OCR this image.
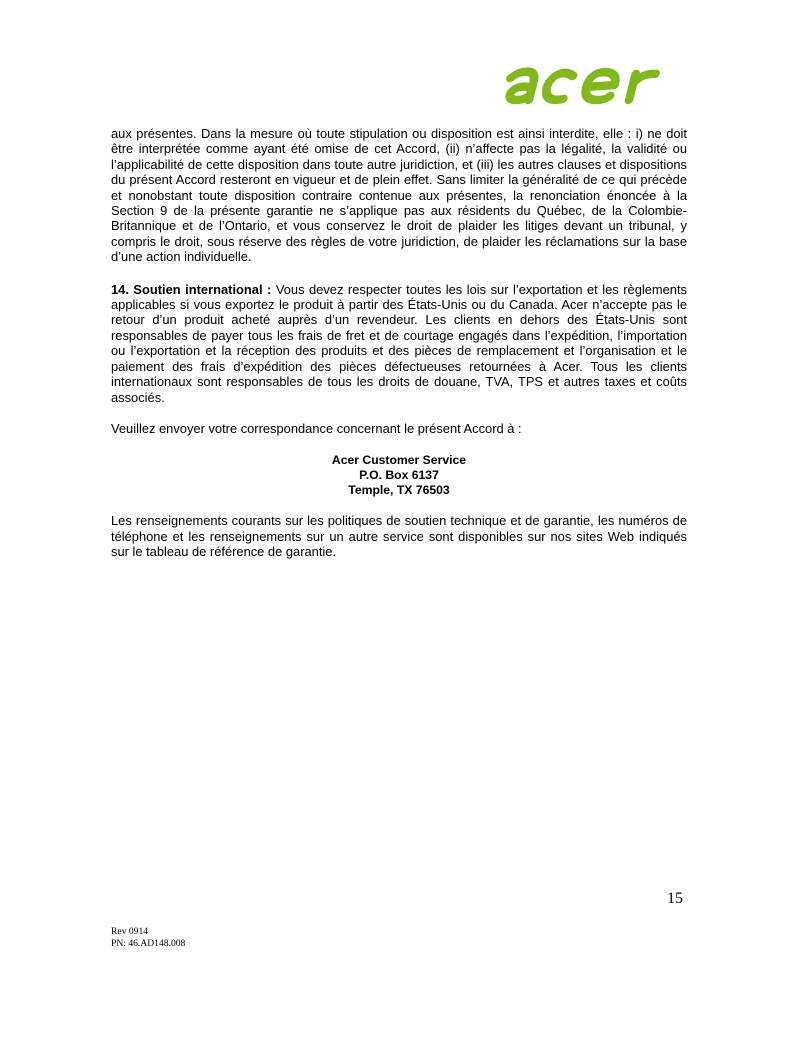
aux présentes. Dans la mesure où toute stipulation ou disposition est ainsi interdite, elle : i) ne doit être interprétée comme ayant été omise de cet Accord, (ii) n’affecte pas la légalité, la validité ou l’applicabilité de cette disposition dans toute autre juridiction, et (iii) les autres clauses et dispositions du présent Accord resteront en vigueur et de plein effet. Sans limiter la généralité de ce qui précède et nonobstant toute disposition contraire contenue aux présentes, la renonciation énoncée à la Section 9 de la présente garantie ne s’applique pas aux résidents du Québec, de la Colombie-Britannique et de l’Ontario, et vous conservez le droit de plaider les litiges devant un tribunal, y compris le droit, sous réserve des règles de votre juridiction, de plaider les réclamations sur la base d’une action individuelle.

14. Soutien international : Vous devez respecter toutes les lois sur l’exportation et les règlements applicables si vous exportez le produit à partir des États-Unis ou du Canada. Acer n’accepte pas le retour d’un produit acheté auprès d’un revendeur. Les clients en dehors des États-Unis sont responsables de payer tous les frais de fret et de courtage engagés dans l’expédition, l’importation ou l’exportation et la réception des produits et des pièces de remplacement et l’organisation et le paiement des frais d’expédition des pièces défectueuses retournées à Acer. Tous les clients internationaux sont responsables de tous les droits de douane, TVA, TPS et autres taxes et coûts associés.

Veuillez envoyer votre correspondance concernant le présent Accord à :

Acer Customer Service
P.O. Box 6137
Temple, TX 76503

Les renseignements courants sur les politiques de soutien technique et de garantie, les numéros de téléphone et les renseignements sur un autre service sont disponibles sur nos sites Web indiqués sur le tableau de référence de garantie.

15
Rev 0914
PN: 46.AD148.008
